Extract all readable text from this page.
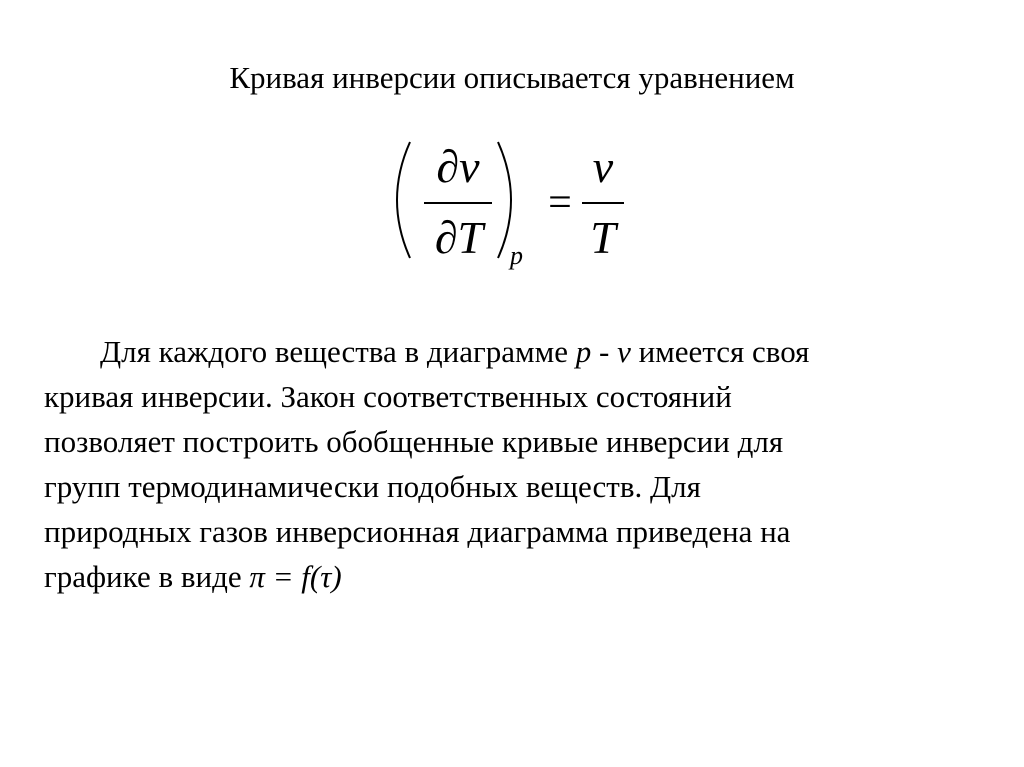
Кривая инверсии описывается уравнением
∂v
∂T p
=
v
T
Для каждого вещества в диаграмме p - v имеется своя
кривая инверсии. Закон соответственных состояний
позволяет построить обобщенные кривые инверсии для
групп термодинамически подобных веществ. Для
природных газов инверсионная диаграмма приведена на
графике в виде π = f(τ)
